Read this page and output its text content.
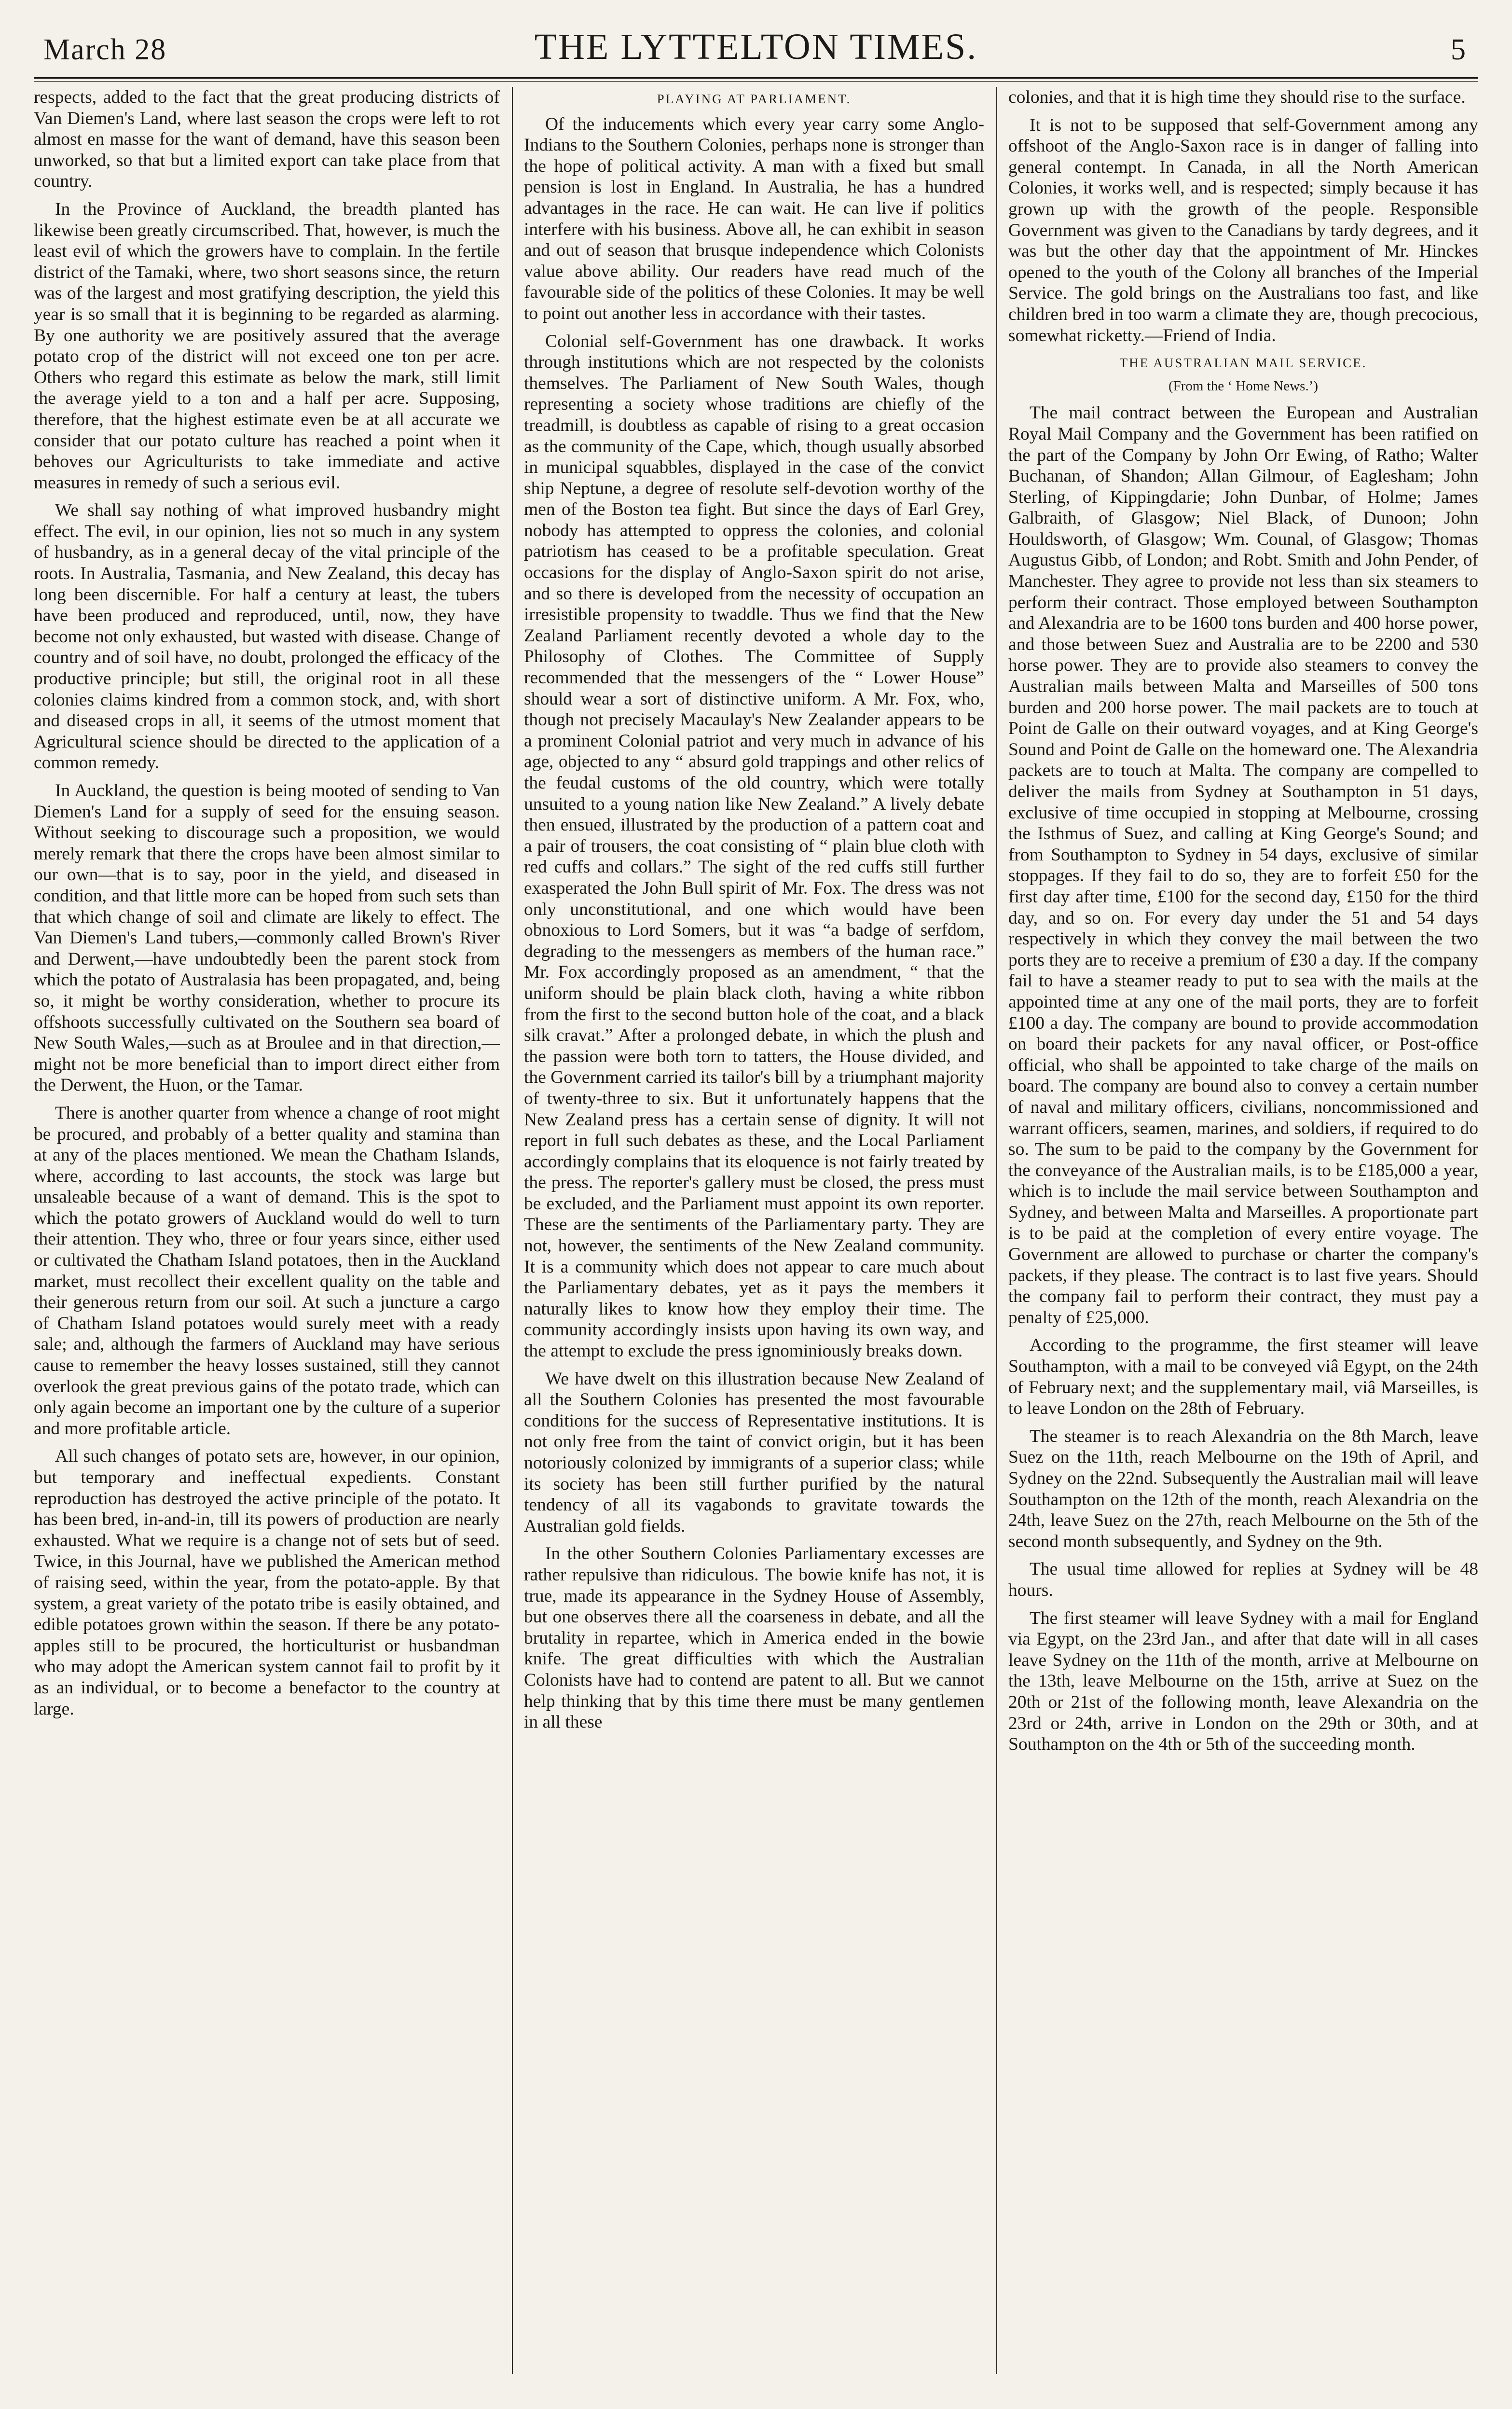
March 28	THE LYTTELTON TIMES.	5

respects, added to the fact that the great producing districts of Van Diemen's Land, where last season the crops were left to rot almost en masse for the want of demand, have this season been unworked, so that but a limited export can take place from that country.

In the Province of Auckland, the breadth planted has likewise been greatly circumscribed. That, however, is much the least evil of which the growers have to complain. In the fertile district of the Tamaki, where, two short seasons since, the return was of the largest and most gratifying description, the yield this year is so small that it is beginning to be regarded as alarming. By one authority we are positively assured that the average potato crop of the district will not exceed one ton per acre. Others who regard this estimate as below the mark, still limit the average yield to a ton and a half per acre. Supposing, therefore, that the highest estimate even be at all accurate we consider that our potato culture has reached a point when it behoves our Agriculturists to take immediate and active measures in remedy of such a serious evil.

We shall say nothing of what improved husbandry might effect. The evil, in our opinion, lies not so much in any system of husbandry, as in a general decay of the vital principle of the roots. In Australia, Tasmania, and New Zealand, this decay has long been discernible. For half a century at least, the tubers have been produced and reproduced, until, now, they have become not only exhausted, but wasted with disease. Change of country and of soil have, no doubt, prolonged the efficacy of the productive principle; but still, the original root in all these colonies claims kindred from a common stock, and, with short and diseased crops in all, it seems of the utmost moment that Agricultural science should be directed to the application of a common remedy.

In Auckland, the question is being mooted of sending to Van Diemen's Land for a supply of seed for the ensuing season. Without seeking to discourage such a proposition, we would merely remark that there the crops have been almost similar to our own—that is to say, poor in the yield, and diseased in condition, and that little more can be hoped from such sets than that which change of soil and climate are likely to effect. The Van Diemen's Land tubers,—commonly called Brown's River and Derwent,—have undoubtedly been the parent stock from which the potato of Australasia has been propagated, and, being so, it might be worthy consideration, whether to procure its offshoots successfully cultivated on the Southern sea board of New South Wales,—such as at Broulee and in that direction,—might not be more beneficial than to import direct either from the Derwent, the Huon, or the Tamar.

There is another quarter from whence a change of root might be procured, and probably of a better quality and stamina than at any of the places mentioned. We mean the Chatham Islands, where, according to last accounts, the stock was large but unsaleable because of a want of demand. This is the spot to which the potato growers of Auckland would do well to turn their attention. They who, three or four years since, either used or cultivated the Chatham Island potatoes, then in the Auckland market, must recollect their excellent quality on the table and their generous return from our soil. At such a juncture a cargo of Chatham Island potatoes would surely meet with a ready sale; and, although the farmers of Auckland may have serious cause to remember the heavy losses sustained, still they cannot overlook the great previous gains of the potato trade, which can only again become an important one by the culture of a superior and more profitable article.

All such changes of potato sets are, however, in our opinion, but temporary and ineffectual expedients. Constant reproduction has destroyed the active principle of the potato. It has been bred, in-and-in, till its powers of production are nearly exhausted. What we require is a change not of sets but of seed. Twice, in this Journal, have we published the American method of raising seed, within the year, from the potato-apple. By that system, a great variety of the potato tribe is easily obtained, and edible potatoes grown within the season. If there be any potato-apples still to be procured, the horticulturist or husbandman who may adopt the American system cannot fail to profit by it as an individual, or to become a benefactor to the country at large.

PLAYING AT PARLIAMENT.

Of the inducements which every year carry some Anglo-Indians to the Southern Colonies, perhaps none is stronger than the hope of political activity. A man with a fixed but small pension is lost in England. In Australia, he has a hundred advantages in the race. He can wait. He can live if politics interfere with his business. Above all, he can exhibit in season and out of season that brusque independence which Colonists value above ability. Our readers have read much of the favourable side of the politics of these Colonies. It may be well to point out another less in accordance with their tastes.

Colonial self-Government has one drawback. It works through institutions which are not respected by the colonists themselves. The Parliament of New South Wales, though representing a society whose traditions are chiefly of the treadmill, is doubtless as capable of rising to a great occasion as the community of the Cape, which, though usually absorbed in municipal squabbles, displayed in the case of the convict ship Neptune, a degree of resolute self-devotion worthy of the men of the Boston tea fight. But since the days of Earl Grey, nobody has attempted to oppress the colonies, and colonial patriotism has ceased to be a profitable speculation. Great occasions for the display of Anglo-Saxon spirit do not arise, and so there is developed from the necessity of occupation an irresistible propensity to twaddle. Thus we find that the New Zealand Parliament recently devoted a whole day to the Philosophy of Clothes. The Committee of Supply recommended that the messengers of the “ Lower House” should wear a sort of distinctive uniform. A Mr. Fox, who, though not precisely Macaulay's New Zealander appears to be a prominent Colonial patriot and very much in advance of his age, objected to any “ absurd gold trappings and other relics of the feudal customs of the old country, which were totally unsuited to a young nation like New Zealand.” A lively debate then ensued, illustrated by the production of a pattern coat and a pair of trousers, the coat consisting of “ plain blue cloth with red cuffs and collars.” The sight of the red cuffs still further exasperated the John Bull spirit of Mr. Fox. The dress was not only unconstitutional, and one which would have been obnoxious to Lord Somers, but it was “a badge of serfdom, degrading to the messengers as members of the human race.” Mr. Fox accordingly proposed as an amendment, “ that the uniform should be plain black cloth, having a white ribbon from the first to the second button hole of the coat, and a black silk cravat.” After a prolonged debate, in which the plush and the passion were both torn to tatters, the House divided, and the Government carried its tailor's bill by a triumphant majority of twenty-three to six. But it unfortunately happens that the New Zealand press has a certain sense of dignity. It will not report in full such debates as these, and the Local Parliament accordingly complains that its eloquence is not fairly treated by the press. The reporter's gallery must be closed, the press must be excluded, and the Parliament must appoint its own reporter. These are the sentiments of the Parliamentary party. They are not, however, the sentiments of the New Zealand community. It is a community which does not appear to care much about the Parliamentary debates, yet as it pays the members it naturally likes to know how they employ their time. The community accordingly insists upon having its own way, and the attempt to exclude the press ignominiously breaks down.

We have dwelt on this illustration because New Zealand of all the Southern Colonies has presented the most favourable conditions for the success of Representative institutions. It is not only free from the taint of convict origin, but it has been notoriously colonized by immigrants of a superior class; while its society has been still further purified by the natural tendency of all its vagabonds to gravitate towards the Australian gold fields.

In the other Southern Colonies Parliamentary excesses are rather repulsive than ridiculous. The bowie knife has not, it is true, made its appearance in the Sydney House of Assembly, but one observes there all the coarseness in debate, and all the brutality in repartee, which in America ended in the bowie knife. The great difficulties with which the Australian Colonists have had to contend are patent to all. But we cannot help thinking that by this time there must be many gentlemen in all these

colonies, and that it is high time they should rise to the surface.

It is not to be supposed that self-Government among any offshoot of the Anglo-Saxon race is in danger of falling into general contempt. In Canada, in all the North American Colonies, it works well, and is respected; simply because it has grown up with the growth of the people. Responsible Government was given to the Canadians by tardy degrees, and it was but the other day that the appointment of Mr. Hinckes opened to the youth of the Colony all branches of the Imperial Service. The gold brings on the Australians too fast, and like children bred in too warm a climate they are, though precocious, somewhat ricketty.—Friend of India.

THE AUSTRALIAN MAIL SERVICE.

(From the ‘ Home News.’)

The mail contract between the European and Australian Royal Mail Company and the Government has been ratified on the part of the Company by John Orr Ewing, of Ratho; Walter Buchanan, of Shandon; Allan Gilmour, of Eaglesham; John Sterling, of Kippingdarie; John Dunbar, of Holme; James Galbraith, of Glasgow; Niel Black, of Dunoon; John Houldsworth, of Glasgow; Wm. Counal, of Glasgow; Thomas Augustus Gibb, of London; and Robt. Smith and John Pender, of Manchester. They agree to provide not less than six steamers to perform their contract. Those employed between Southampton and Alexandria are to be 1600 tons burden and 400 horse power, and those between Suez and Australia are to be 2200 and 530 horse power. They are to provide also steamers to convey the Australian mails between Malta and Marseilles of 500 tons burden and 200 horse power. The mail packets are to touch at Point de Galle on their outward voyages, and at King George's Sound and Point de Galle on the homeward one. The Alexandria packets are to touch at Malta. The company are compelled to deliver the mails from Sydney at Southampton in 51 days, exclusive of time occupied in stopping at Melbourne, crossing the Isthmus of Suez, and calling at King George's Sound; and from Southampton to Sydney in 54 days, exclusive of similar stoppages. If they fail to do so, they are to forfeit £50 for the first day after time, £100 for the second day, £150 for the third day, and so on. For every day under the 51 and 54 days respectively in which they convey the mail between the two ports they are to receive a premium of £30 a day. If the company fail to have a steamer ready to put to sea with the mails at the appointed time at any one of the mail ports, they are to forfeit £100 a day. The company are bound to provide accommodation on board their packets for any naval officer, or Post-office official, who shall be appointed to take charge of the mails on board. The company are bound also to convey a certain number of naval and military officers, civilians, noncommissioned and warrant officers, seamen, marines, and soldiers, if required to do so. The sum to be paid to the company by the Government for the conveyance of the Australian mails, is to be £185,000 a year, which is to include the mail service between Southampton and Sydney, and between Malta and Marseilles. A proportionate part is to be paid at the completion of every entire voyage. The Government are allowed to purchase or charter the company's packets, if they please. The contract is to last five years. Should the company fail to perform their contract, they must pay a penalty of £25,000.

According to the programme, the first steamer will leave Southampton, with a mail to be conveyed viâ Egypt, on the 24th of February next; and the supplementary mail, viâ Marseilles, is to leave London on the 28th of February.

The steamer is to reach Alexandria on the 8th March, leave Suez on the 11th, reach Melbourne on the 19th of April, and Sydney on the 22nd. Subsequently the Australian mail will leave Southampton on the 12th of the month, reach Alexandria on the 24th, leave Suez on the 27th, reach Melbourne on the 5th of the second month subsequently, and Sydney on the 9th.

The usual time allowed for replies at Sydney will be 48 hours.

The first steamer will leave Sydney with a mail for England via Egypt, on the 23rd Jan., and after that date will in all cases leave Sydney on the 11th of the month, arrive at Melbourne on the 13th, leave Melbourne on the 15th, arrive at Suez on the 20th or 21st of the following month, leave Alexandria on the 23rd or 24th, arrive in London on the 29th or 30th, and at Southampton on the 4th or 5th of the succeeding month.
